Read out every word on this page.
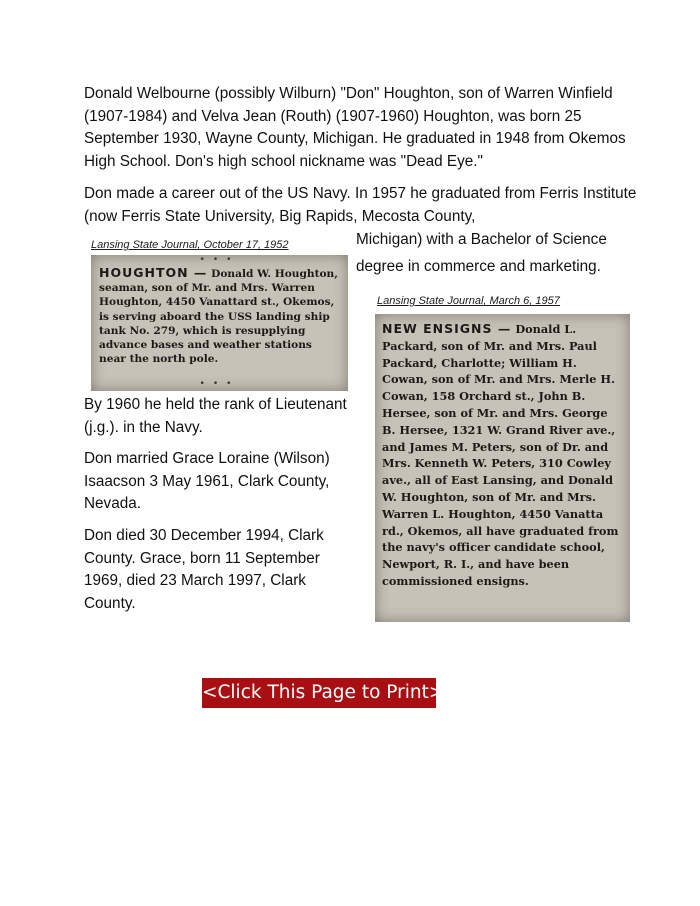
Donald Welbourne (possibly Wilburn) "Don" Houghton, son of Warren Winfield (1907-1984) and Velva Jean (Routh) (1907-1960) Houghton, was born 25 September 1930, Wayne County, Michigan. He graduated in 1948 from Okemos High School. Don's high school nickname was "Dead Eye."

Don made a career out of the US Navy. In 1957 he graduated from Ferris Institute (now Ferris State University, Big Rapids, Mecosta County,

Michigan) with a Bachelor of Science

degree in commerce and marketing.

Lansing State Journal, October 17, 1952

•••

HOUGHTON — Donald W. Houghton, seaman, son of Mr. and Mrs. Warren Houghton, 4450 Vanattard st., Okemos, is serving aboard the USS landing ship tank No. 279, which is resupplying advance bases and weather stations near the north pole.

•••

Lansing State Journal, March 6, 1957

NEW ENSIGNS — Donald L. Packard, son of Mr. and Mrs. Paul Packard, Charlotte; William H. Cowan, son of Mr. and Mrs. Merle H. Cowan, 158 Orchard st., John B. Hersee, son of Mr. and Mrs. George B. Hersee, 1321 W. Grand River ave., and James M. Peters, son of Dr. and Mrs. Kenneth W. Peters, 310 Cowley ave., all of East Lansing, and Donald W. Houghton, son of Mr. and Mrs. Warren L. Houghton, 4450 Vanatta rd., Okemos, all have graduated from the navy's officer candidate school, Newport, R. I., and have been commissioned ensigns.

By 1960 he held the rank of Lieutenant (j.g.). in the Navy.

Don married Grace Loraine (Wilson) Isaacson 3 May 1961, Clark County, Nevada.

Don died 30 December 1994, Clark County. Grace, born 11 September 1969, died 23 March 1997, Clark County.

<Click This Page to Print>
